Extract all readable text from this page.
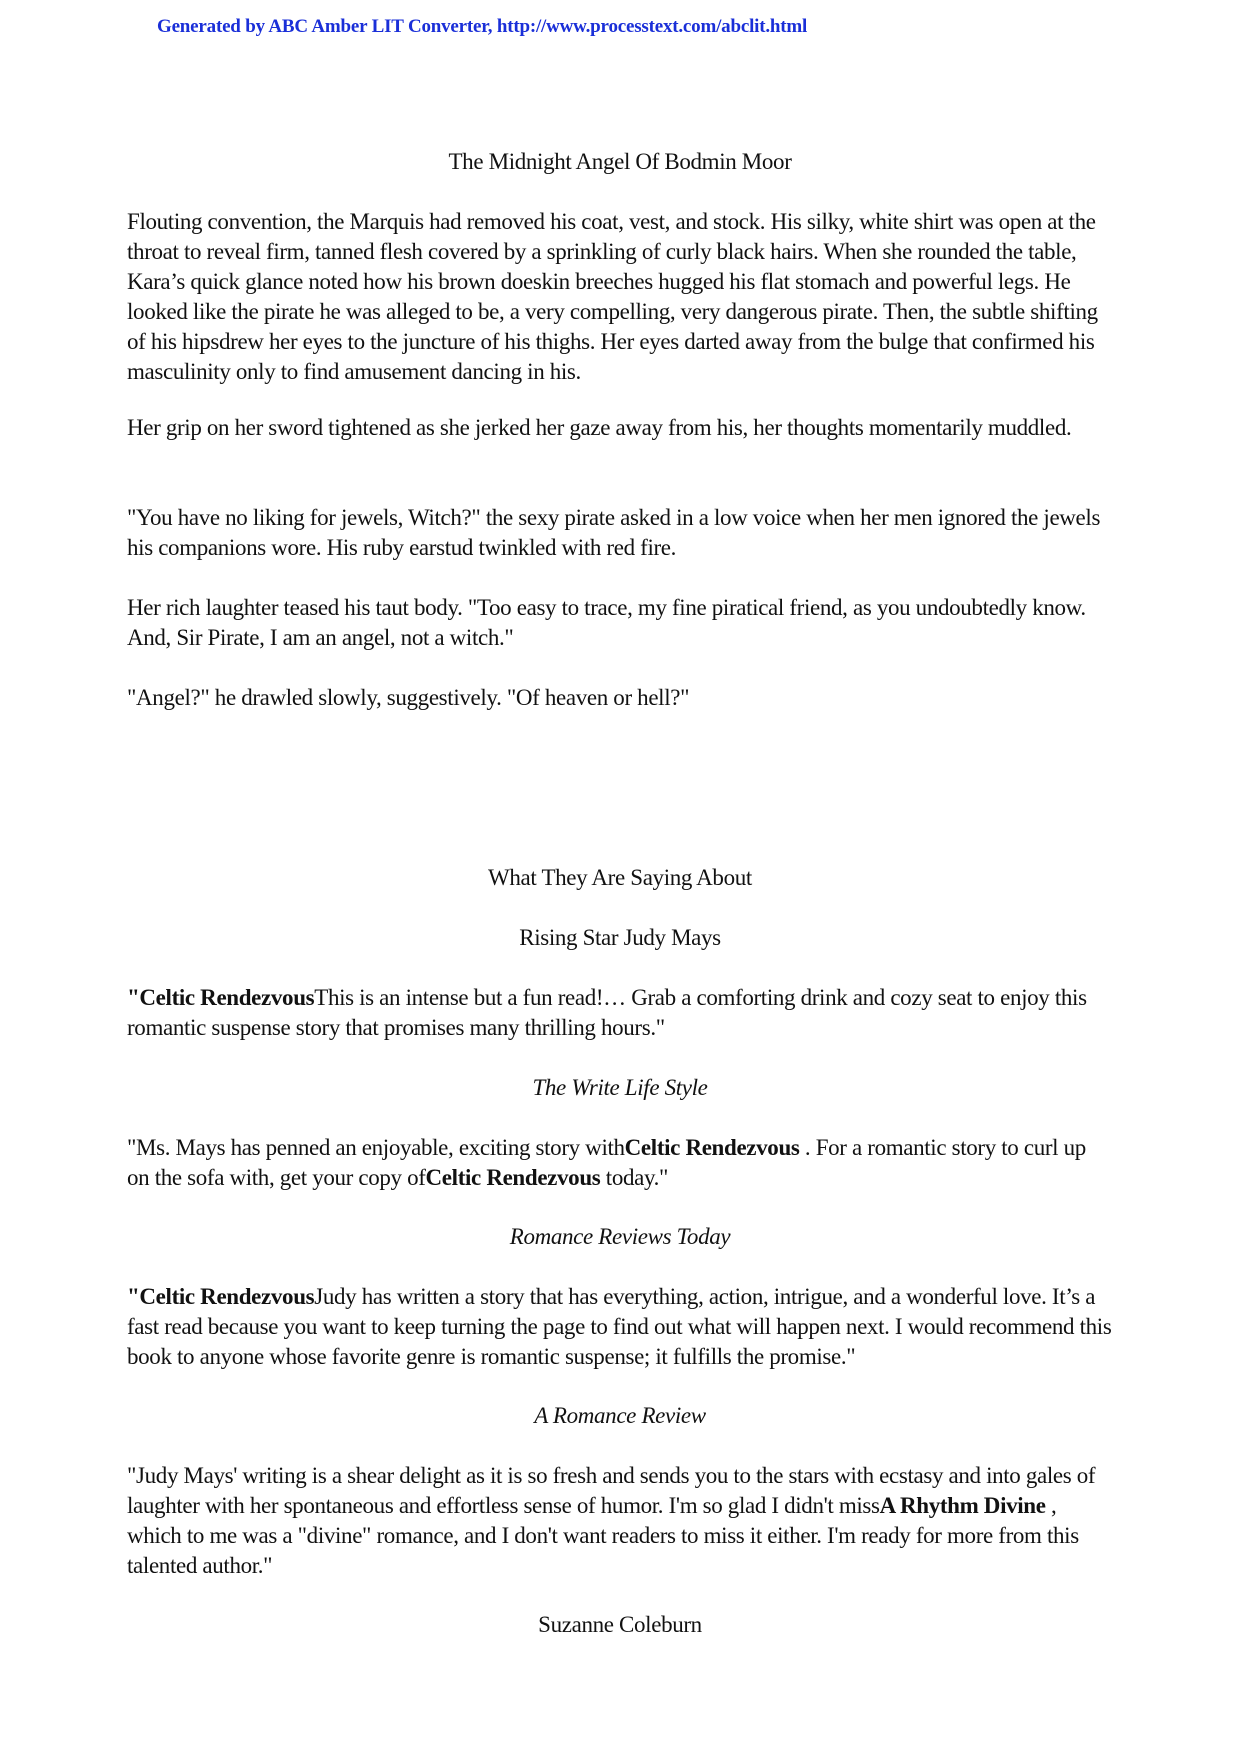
Generated by ABC Amber LIT Converter, http://www.processtext.com/abclit.html

The Midnight Angel Of Bodmin Moor

Flouting convention, the Marquis had removed his coat, vest, and stock. His silky, white shirt was open at the throat to reveal firm, tanned flesh covered by a sprinkling of curly black hairs. When she rounded the table, Kara’s quick glance noted how his brown doeskin breeches hugged his flat stomach and powerful legs. He looked like the pirate he was alleged to be, a very compelling, very dangerous pirate. Then, the subtle shifting of his hipsdrew her eyes to the juncture of his thighs. Her eyes darted away from the bulge that confirmed his masculinity only to find amusement dancing in his.

Her grip on her sword tightened as she jerked her gaze away from his, her thoughts momentarily muddled.

"You have no liking for jewels, Witch?" the sexy pirate asked in a low voice when her men ignored the jewels his companions wore. His ruby earstud twinkled with red fire.

Her rich laughter teased his taut body. "Too easy to trace, my fine piratical friend, as you undoubtedly know. And, Sir Pirate, I am an angel, not a witch."

"Angel?" he drawled slowly, suggestively. "Of heaven or hell?"

What They Are Saying About

Rising Star Judy Mays

"Celtic RendezvousThis is an intense but a fun read!… Grab a comforting drink and cozy seat to enjoy this romantic suspense story that promises many thrilling hours."

The Write Life Style

"Ms. Mays has penned an enjoyable, exciting story withCeltic Rendezvous . For a romantic story to curl up on the sofa with, get your copy ofCeltic Rendezvous today."

Romance Reviews Today

"Celtic RendezvousJudy has written a story that has everything, action, intrigue, and a wonderful love. It’s a fast read because you want to keep turning the page to find out what will happen next. I would recommend this book to anyone whose favorite genre is romantic suspense; it fulfills the promise."

A Romance Review

"Judy Mays' writing is a shear delight as it is so fresh and sends you to the stars with ecstasy and into gales of laughter with her spontaneous and effortless sense of humor. I'm so glad I didn't missA Rhythm Divine , which to me was a "divine" romance, and I don't want readers to miss it either. I'm ready for more from this talented author."

Suzanne Coleburn
